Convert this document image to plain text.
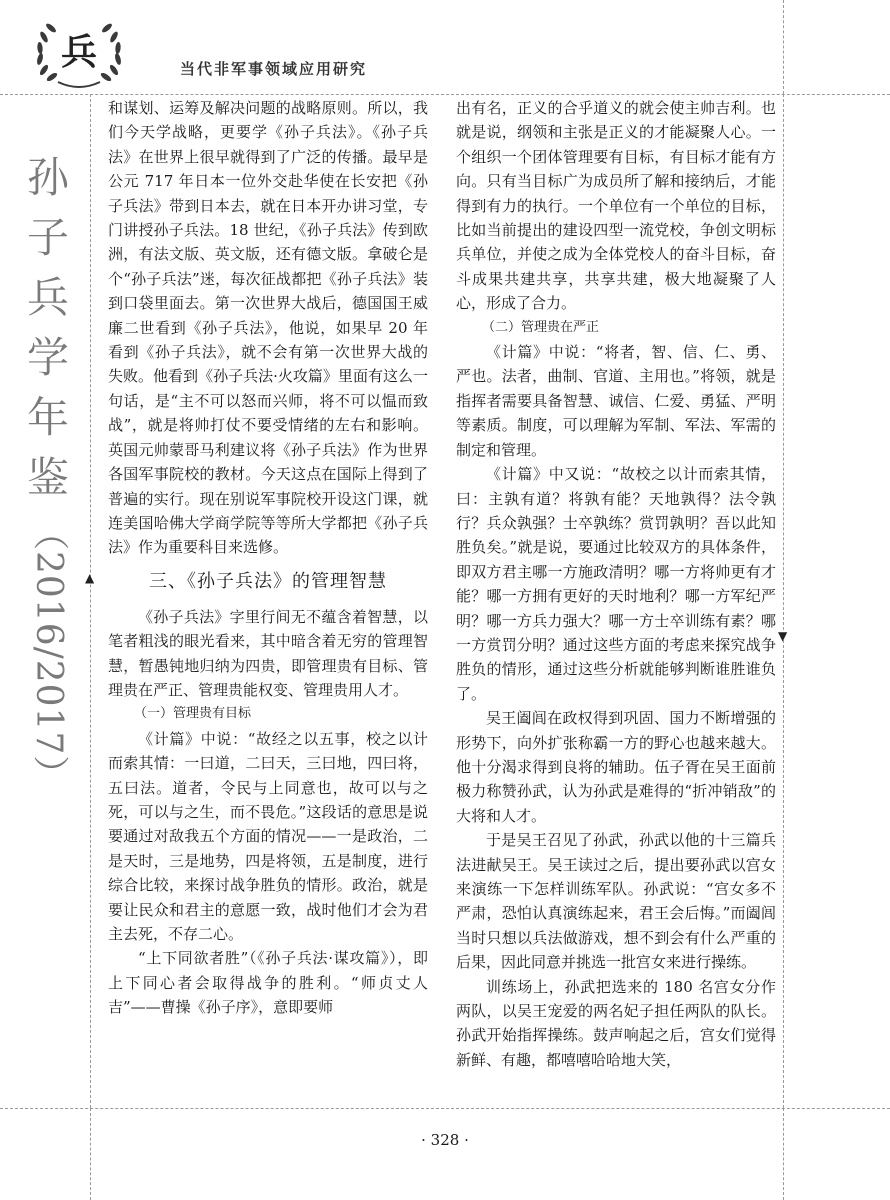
兵	当代非军事领域应用研究
孙
子
兵
学
年
鉴
（2016/2017）	▲
▼

和谋划、运筹及解决问题的战略原则。所以，我们今天学战略，更要学《孙子兵法》。《孙子兵法》在世界上很早就得到了广泛的传播。最早是公元 717 年日本一位外交赴华使在长安把《孙子兵法》带到日本去，就在日本开办讲习堂，专门讲授孙子兵法。18 世纪，《孙子兵法》传到欧洲，有法文版、英文版，还有德文版。拿破仑是个“孙子兵法”迷，每次征战都把《孙子兵法》装到口袋里面去。第一次世界大战后，德国国王威廉二世看到《孙子兵法》，他说，如果早 20 年看到《孙子兵法》，就不会有第一次世界大战的失败。他看到《孙子兵法·火攻篇》里面有这么一句话，是“主不可以怒而兴师，将不可以愠而致战”，就是将帅打仗不要受情绪的左右和影响。英国元帅蒙哥马利建议将《孙子兵法》作为世界各国军事院校的教材。今天这点在国际上得到了普遍的实行。现在别说军事院校开设这门课，就连美国哈佛大学商学院等等所大学都把《孙子兵法》作为重要科目来选修。

三、《孙子兵法》的管理智慧

《孙子兵法》字里行间无不蕴含着智慧，以笔者粗浅的眼光看来，其中暗含着无穷的管理智慧，暂愚钝地归纳为四贵，即管理贵有目标、管理贵在严正、管理贵能权变、管理贵用人才。

（一）管理贵有目标

《计篇》中说：“故经之以五事，校之以计而索其情：一曰道，二曰天，三曰地，四曰将，五曰法。道者，令民与上同意也，故可以与之死，可以与之生，而不畏危。”这段话的意思是说要通过对敌我五个方面的情况——一是政治，二是天时，三是地势，四是将领，五是制度，进行综合比较，来探讨战争胜负的情形。政治，就是要让民众和君主的意愿一致，战时他们才会为君主去死，不存二心。

“上下同欲者胜”（《孙子兵法·谋攻篇》），即上下同心者会取得战争的胜利。“师贞丈人吉”——曹操《孙子序》，意即要师

出有名，正义的合乎道义的就会使主帅吉利。也就是说，纲领和主张是正义的才能凝聚人心。一个组织一个团体管理要有目标，有目标才能有方向。只有当目标广为成员所了解和接纳后，才能得到有力的执行。一个单位有一个单位的目标，比如当前提出的建设四型一流党校，争创文明标兵单位，并使之成为全体党校人的奋斗目标，奋斗成果共建共享，共享共建，极大地凝聚了人心，形成了合力。

（二）管理贵在严正

《计篇》中说：“将者，智、信、仁、勇、严也。法者，曲制、官道、主用也。”将领，就是指挥者需要具备智慧、诚信、仁爱、勇猛、严明等素质。制度，可以理解为军制、军法、军需的制定和管理。

《计篇》中又说：“故校之以计而索其情，曰：主孰有道？将孰有能？天地孰得？法令孰行？兵众孰强？士卒孰练？赏罚孰明？吾以此知胜负矣。”就是说，要通过比较双方的具体条件，即双方君主哪一方施政清明？哪一方将帅更有才能？哪一方拥有更好的天时地利？哪一方军纪严明？哪一方兵力强大？哪一方士卒训练有素？哪一方赏罚分明？通过这些方面的考虑来探究战争胜负的情形，通过这些分析就能够判断谁胜谁负了。

吴王阖闾在政权得到巩固、国力不断增强的形势下，向外扩张称霸一方的野心也越来越大。他十分渴求得到良将的辅助。伍子胥在吴王面前极力称赞孙武，认为孙武是难得的“折冲销敌”的大将和人才。

于是吴王召见了孙武，孙武以他的十三篇兵法进献吴王。吴王读过之后，提出要孙武以宫女来演练一下怎样训练军队。孙武说：“宫女多不严肃，恐怕认真演练起来，君王会后悔。”而阖闾当时只想以兵法做游戏，想不到会有什么严重的后果，因此同意并挑选一批宫女来进行操练。

训练场上，孙武把选来的 180 名宫女分作两队，以吴王宠爱的两名妃子担任两队的队长。孙武开始指挥操练。鼓声响起之后，宫女们觉得新鲜、有趣，都嘻嘻哈哈地大笑，

· 328 ·
